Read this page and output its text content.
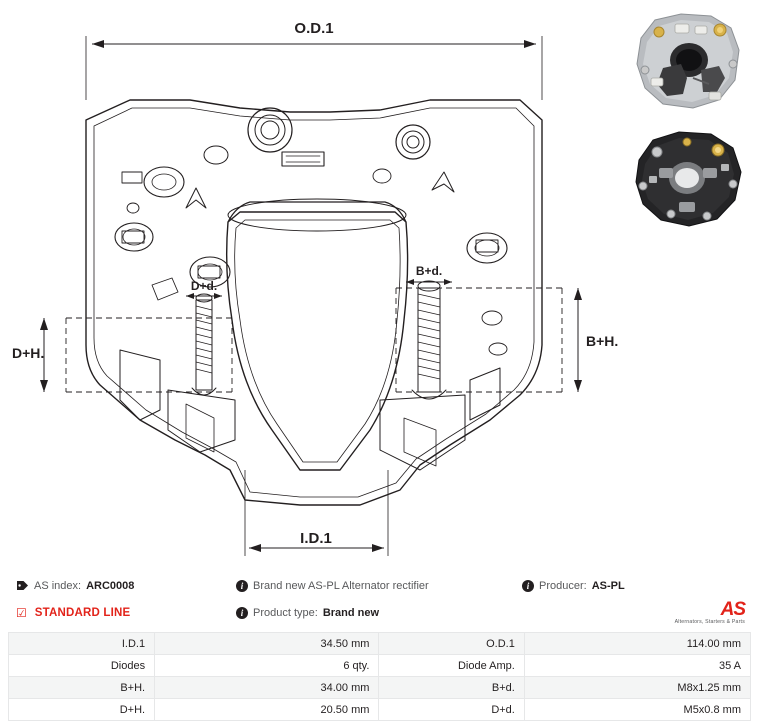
O.D.1
I.D.1
D+H.
B+H.
D+d.
B+d.
AS index: ARC0008	i Brand new AS-PL Alternator rectifier	i Producer: AS-PL
☑ STANDARD LINE	i Product type: Brand new	AS
Alternators, Starters & Parts
I.D.1	34.50 mm	O.D.1	114.00 mm
Diodes	6 qty.	Diode Amp.	35 A
B+H.	34.00 mm	B+d.	M8x1.25 mm
D+H.	20.50 mm	D+d.	M5x0.8 mm
